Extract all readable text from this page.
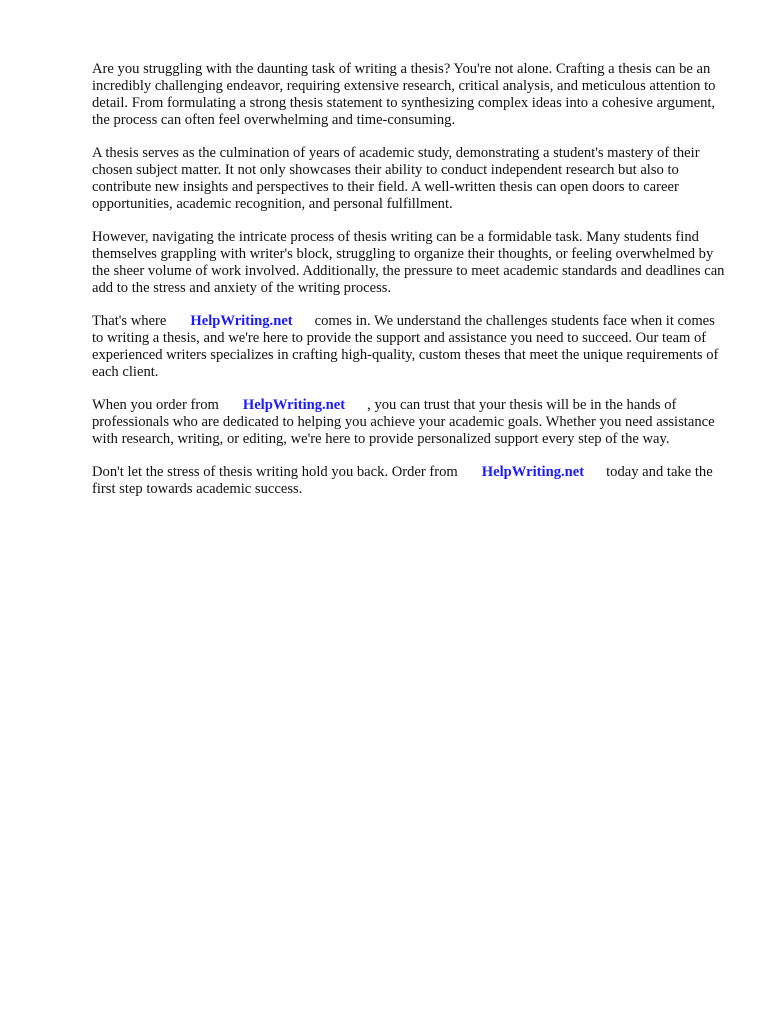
Are you struggling with the daunting task of writing a thesis? You're not alone. Crafting a thesis can be an incredibly challenging endeavor, requiring extensive research, critical analysis, and meticulous attention to detail. From formulating a strong thesis statement to synthesizing complex ideas into a cohesive argument, the process can often feel overwhelming and time-consuming.

A thesis serves as the culmination of years of academic study, demonstrating a student's mastery of their chosen subject matter. It not only showcases their ability to conduct independent research but also to contribute new insights and perspectives to their field. A well-written thesis can open doors to career opportunities, academic recognition, and personal fulfillment.

However, navigating the intricate process of thesis writing can be a formidable task. Many students find themselves grappling with writer's block, struggling to organize their thoughts, or feeling overwhelmed by the sheer volume of work involved. Additionally, the pressure to meet academic standards and deadlines can add to the stress and anxiety of the writing process.

That's where HelpWriting.net comes in. We understand the challenges students face when it comes to writing a thesis, and we're here to provide the support and assistance you need to succeed. Our team of experienced writers specializes in crafting high-quality, custom theses that meet the unique requirements of each client.

When you order from HelpWriting.net , you can trust that your thesis will be in the hands of professionals who are dedicated to helping you achieve your academic goals. Whether you need assistance with research, writing, or editing, we're here to provide personalized support every step of the way.

Don't let the stress of thesis writing hold you back. Order from HelpWriting.net today and take the first step towards academic success.
